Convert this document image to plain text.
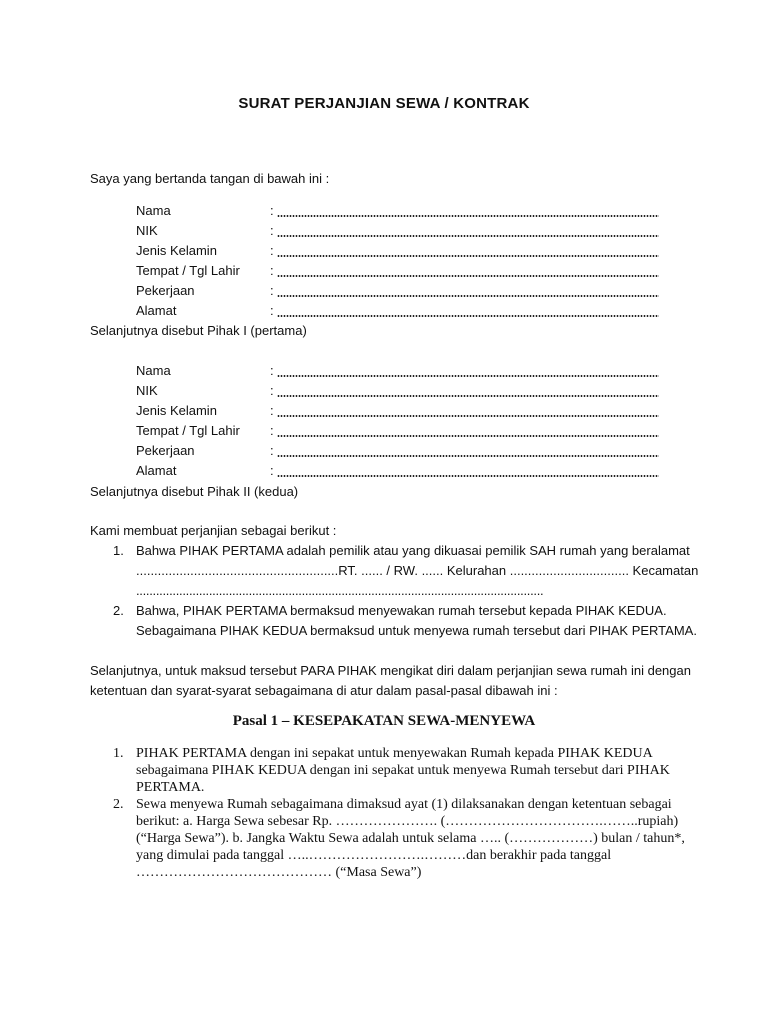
SURAT PERJANJIAN SEWA / KONTRAK
Saya yang bertanda tangan di bawah ini :
Nama	:
NIK	:
Jenis Kelamin	:
Tempat / Tgl Lahir :
Pekerjaan	:
Alamat	:
Selanjutnya disebut Pihak I (pertama)
Nama	:
NIK	:
Jenis Kelamin	:
Tempat / Tgl Lahir :
Pekerjaan	:
Alamat	:
Selanjutnya disebut Pihak II (kedua)
Kami membuat perjanjian sebagai berikut :
1. Bahwa PIHAK PERTAMA adalah pemilik atau yang dikuasai pemilik SAH rumah yang beralamat
........................................................RT. ...... / RW. ...... Kelurahan ................................. Kecamatan
...........................................................................................................................
2. Bahwa, PIHAK PERTAMA bermaksud menyewakan rumah tersebut kepada PIHAK KEDUA.
Sebagaimana PIHAK KEDUA bermaksud untuk menyewa rumah tersebut dari PIHAK PERTAMA.
Selanjutnya, untuk maksud tersebut PARA PIHAK mengikat diri dalam perjanjian sewa rumah ini dengan
ketentuan dan syarat-syarat sebagaimana di atur dalam pasal-pasal dibawah ini :
Pasal 1 – KESEPAKATAN SEWA-MENYEWA
1. PIHAK PERTAMA dengan ini sepakat untuk menyewakan Rumah kepada PIHAK KEDUA
sebagaimana PIHAK KEDUA dengan ini sepakat untuk menyewa Rumah tersebut dari PIHAK
PERTAMA.
2. Sewa menyewa Rumah sebagaimana dimaksud ayat (1) dilaksanakan dengan ketentuan sebagai
berikut: a. Harga Sewa sebesar Rp. …………………. (…………………………….……..rupiah)
(“Harga Sewa”). b. Jangka Waktu Sewa adalah untuk selama ….. (………………) bulan / tahun*,
yang dimulai pada tanggal …..…………………….………dan berakhir pada tanggal
…………………………………… (“Masa Sewa”)
